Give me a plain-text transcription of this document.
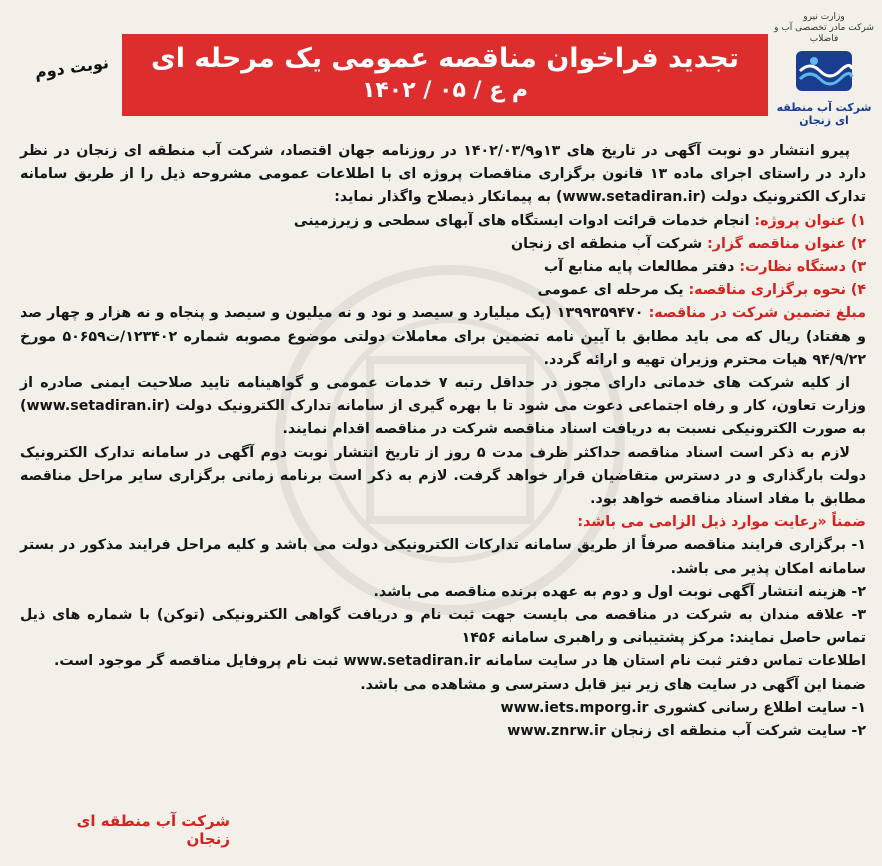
وزارت نیرو
شرکت مادر تخصصی آب و فاضلاب
شرکت آب منطقه ای زنجان
تجدید فراخوان مناقصه عمومی یک مرحله ای
م ع / ۰۵ / ۱۴۰۲
نوبت دوم

پیرو انتشار دو نوبت آگهی در تاریخ های ۱۳و۱۴۰۲/۰۳/۹ در روزنامه جهان اقتصاد، شرکت آب منطقه ای زنجان در نظر دارد در راستای اجرای ماده ۱۳ قانون برگزاری مناقصات پروژه ای با اطلاعات عمومی مشروحه ذیل را از طریق سامانه تدارک الکترونیک دولت (www.setadiran.ir) به پیمانکار ذیصلاح واگذار نماید:

۱) عنوان پروژه: انجام خدمات قرائت ادوات ایستگاه های آبهای سطحی و زیرزمینی

۲) عنوان مناقصه گزار: شرکت آب منطقه ای زنجان

۳) دستگاه نظارت: دفتر مطالعات پایه منابع آب

۴) نحوه برگزاری مناقصه: یک مرحله ای عمومی

مبلغ تضمین شرکت در مناقصه: ۱۳۹۹۳۵۹۴۷۰ (یک میلیارد و سیصد و نود و نه میلیون و سیصد و پنجاه و نه هزار و چهار صد و هفتاد) ریال که می باید مطابق با آیین نامه تضمین برای معاملات دولتی موضوع مصوبه شماره ۱۲۳۴۰۲/ت۵۰۶۵۹ مورخ ۹۴/۹/۲۲ هیات محترم وزیران تهیه و ارائه گردد.

از کلیه شرکت های خدماتی دارای مجوز در حداقل رتبه ۷ خدمات عمومی و گواهینامه تایید صلاحیت ایمنی صادره از وزارت تعاون، کار و رفاه اجتماعی دعوت می شود تا با بهره گیری از سامانه تدارک الکترونیک دولت (www.setadiran.ir) به صورت الکترونیکی نسبت به دریافت اسناد مناقصه شرکت در مناقصه اقدام نمایند.

لازم به ذکر است اسناد مناقصه حداکثر ظرف مدت ۵ روز از تاریخ انتشار نوبت دوم آگهی در سامانه تدارک الکترونیک دولت بارگذاری و در دسترس متقاضیان قرار خواهد گرفت. لازم به ذکر است برنامه زمانی برگزاری سایر مراحل مناقصه مطابق با مفاد اسناد مناقصه خواهد بود.

ضمناً «رعایت موارد ذیل الزامی می باشد:

۱- برگزاری فرایند مناقصه صرفاً از طریق سامانه تدارکات الکترونیکی دولت می باشد و کلیه مراحل فرایند مذکور در بستر سامانه امکان پذیر می باشد.

۲- هزینه انتشار آگهی نوبت اول و دوم به عهده برنده مناقصه می باشد.

۳- علاقه مندان به شرکت در مناقصه می بایست جهت ثبت نام و دریافت گواهی الکترونیکی (توکن) با شماره های ذیل تماس حاصل نمایند: مرکز پشتیبانی و راهبری سامانه ۱۴۵۶

اطلاعات تماس دفتر ثبت نام استان ها در سایت سامانه www.setadiran.ir ثبت نام پروفایل مناقصه گر موجود است.

ضمنا این آگهی در سایت های زیر نیز قابل دسترسی و مشاهده می باشد.

۱- سایت اطلاع رسانی کشوری www.iets.mporg.ir

۲- سایت شرکت آب منطقه ای زنجان www.znrw.ir

شرکت آب منطقه ای زنجان
